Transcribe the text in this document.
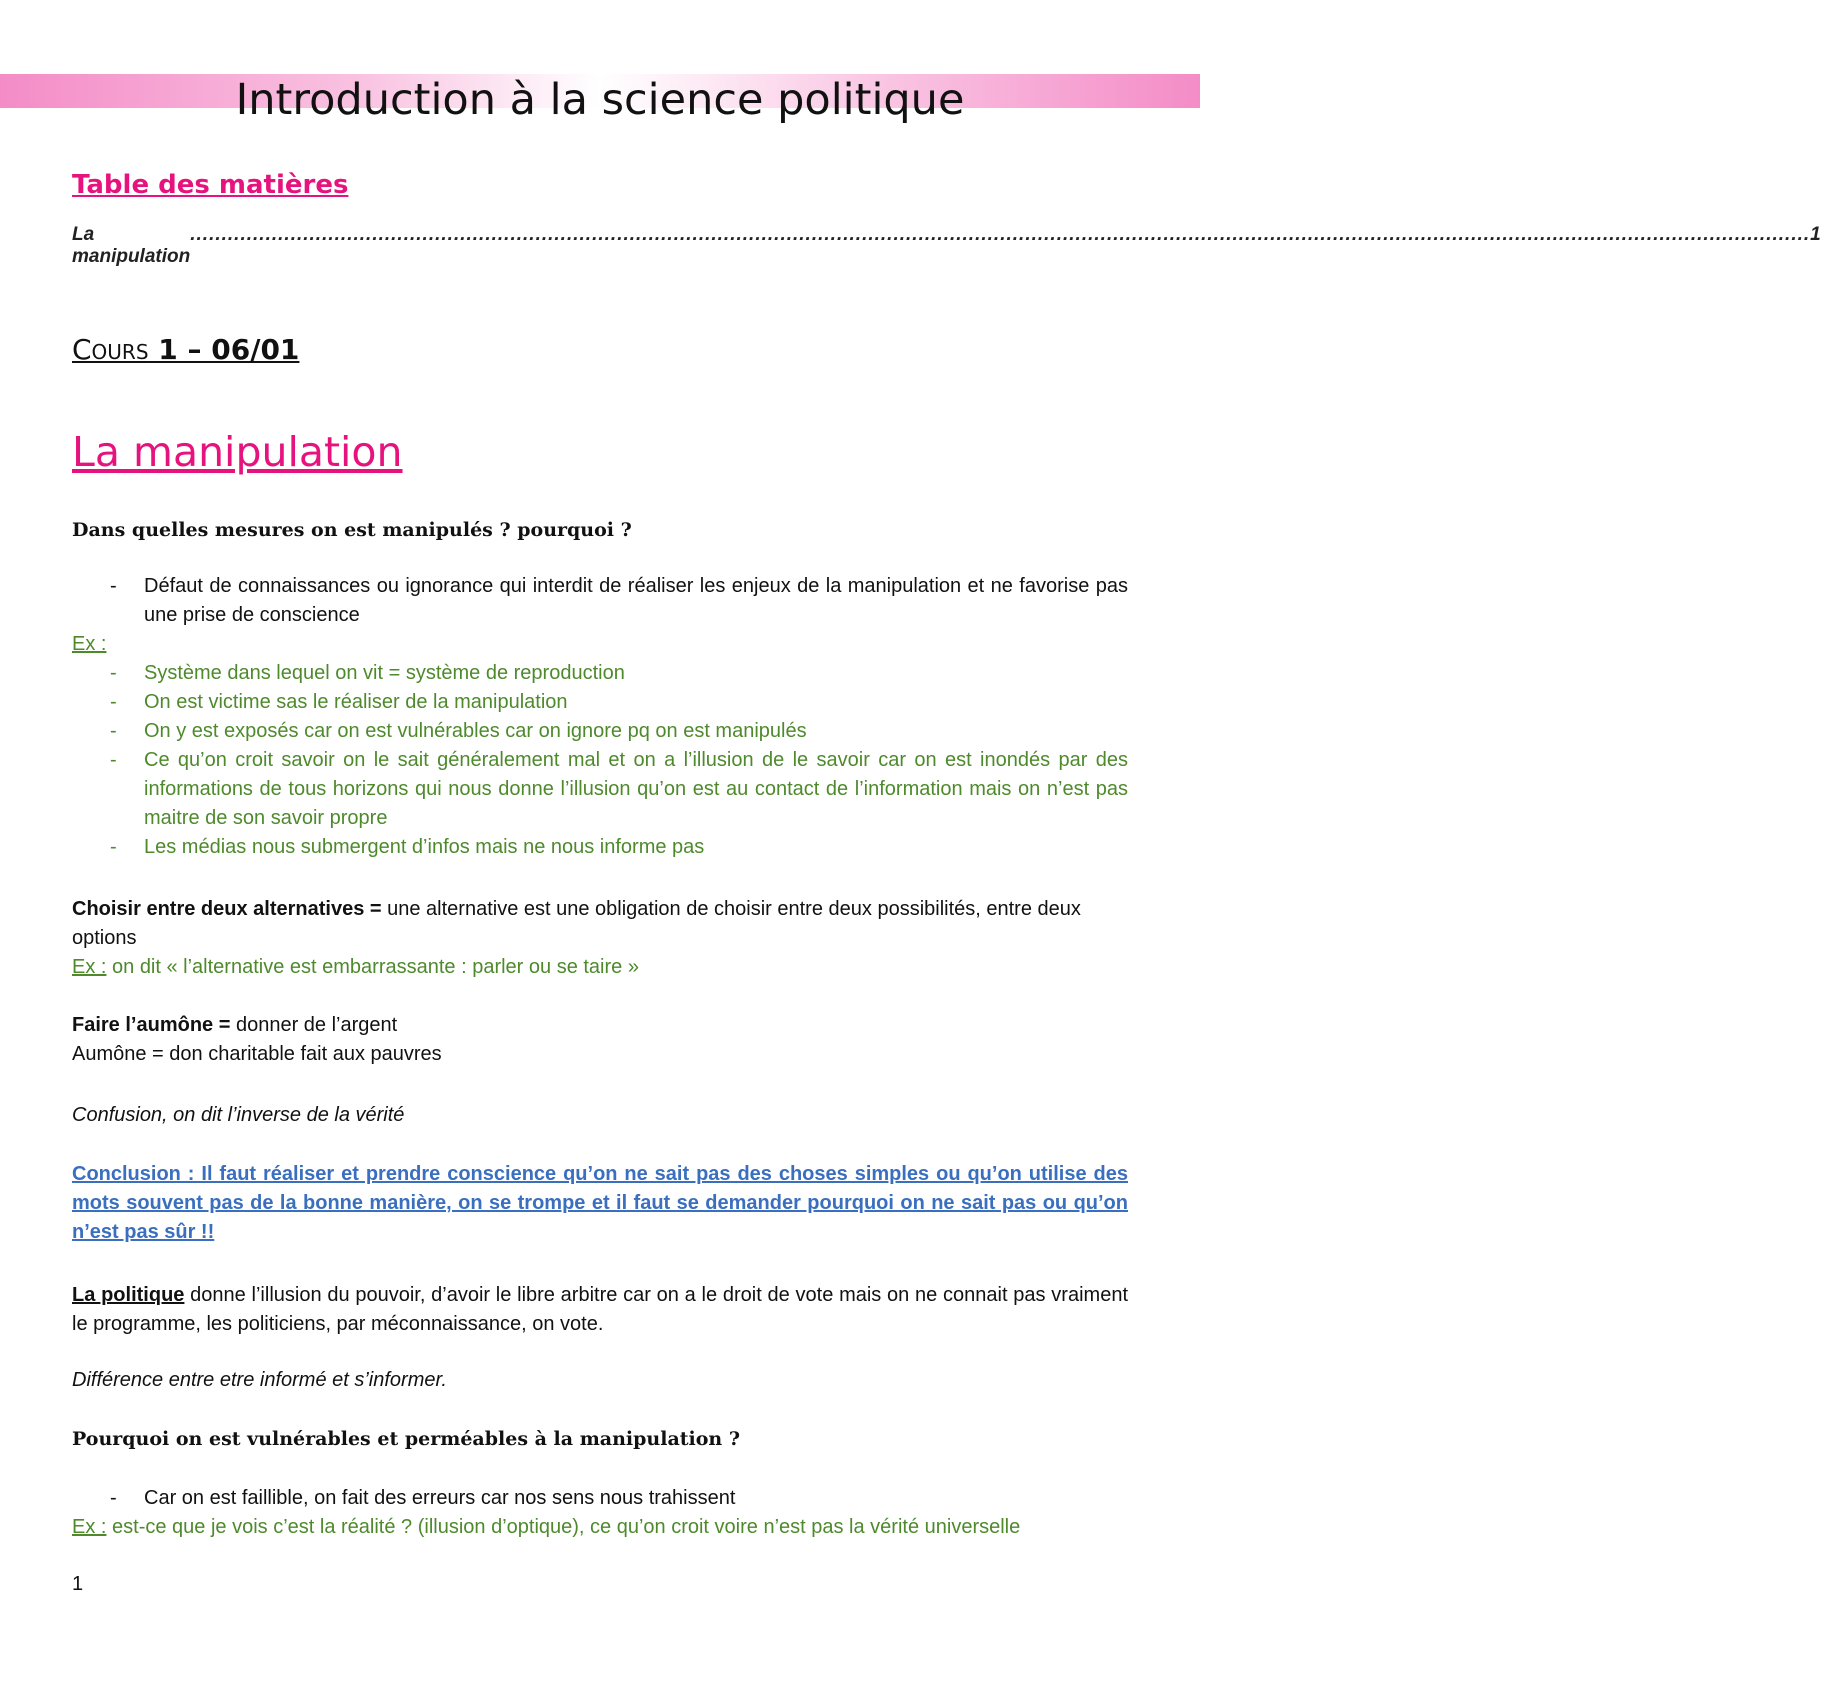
Introduction à la science politique
Table des matières
La manipulation
.................................................................................................................................................................................................................................................................. 1
Cours 1 – 06/01
La manipulation

Dans quelles mesures on est manipulés ? pourquoi ?

- Défaut de connaissances ou ignorance qui interdit de réaliser les enjeux de la manipulation et ne favorise pas une prise de conscience

Ex :

- Système dans lequel on vit = système de reproduction
- On est victime sas le réaliser de la manipulation
- On y est exposés car on est vulnérables car on ignore pq on est manipulés
- Ce qu’on croit savoir on le sait généralement mal et on a l’illusion de le savoir car on est inondés par des informations de tous horizons qui nous donne l’illusion qu’on est au contact de l’information mais on n’est pas maitre de son savoir propre
- Les médias nous submergent d’infos mais ne nous informe pas

Choisir entre deux alternatives = une alternative est une obligation de choisir entre deux possibilités, entre deux options

Ex : on dit « l’alternative est embarrassante : parler ou se taire »

Faire l’aumône = donner de l’argent

Aumône = don charitable fait aux pauvres

Confusion, on dit l’inverse de la vérité

Conclusion : Il faut réaliser et prendre conscience qu’on ne sait pas des choses simples ou qu’on utilise des mots souvent pas de la bonne manière, on se trompe et il faut se demander pourquoi on ne sait pas ou qu’on n’est pas sûr !!

La politique donne l’illusion du pouvoir, d’avoir le libre arbitre car on a le droit de vote mais on ne connait pas vraiment le programme, les politiciens, par méconnaissance, on vote.

Différence entre etre informé et s’informer.

Pourquoi on est vulnérables et perméables à la manipulation ?

- Car on est faillible, on fait des erreurs car nos sens nous trahissent

Ex : est-ce que je vois c’est la réalité ? (illusion d’optique), ce qu’on croit voire n’est pas la vérité universelle

1
